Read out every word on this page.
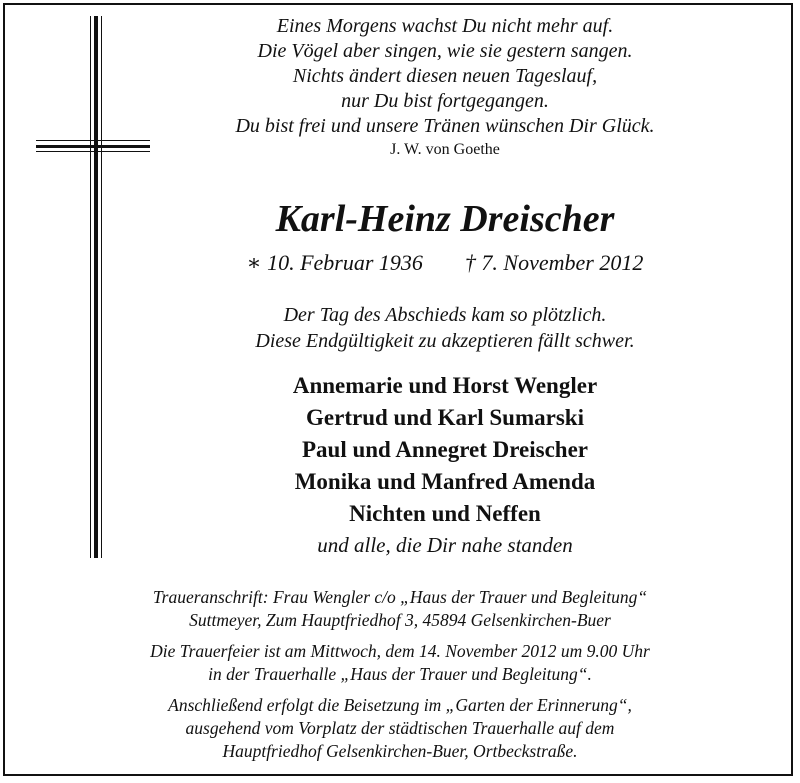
Eines Morgens wachst Du nicht mehr auf.
Die Vögel aber singen, wie sie gestern sangen.
Nichts ändert diesen neuen Tageslauf,
nur Du bist fortgegangen.
Du bist frei und unsere Tränen wünschen Dir Glück.
J. W. von Goethe
Karl-Heinz Dreischer
∗ 10. Februar 1936 † 7. November 2012
Der Tag des Abschieds kam so plötzlich.
Diese Endgültigkeit zu akzeptieren fällt schwer.
Annemarie und Horst Wengler
Gertrud und Karl Sumarski
Paul und Annegret Dreischer
Monika und Manfred Amenda
Nichten und Neffen
und alle, die Dir nahe standen
Traueranschrift: Frau Wengler c/o „Haus der Trauer und Begleitung“
Suttmeyer, Zum Hauptfriedhof 3, 45894 Gelsenkirchen-Buer
Die Trauerfeier ist am Mittwoch, dem 14. November 2012 um 9.00 Uhr
in der Trauerhalle „Haus der Trauer und Begleitung“.
Anschließend erfolgt die Beisetzung im „Garten der Erinnerung“,
ausgehend vom Vorplatz der städtischen Trauerhalle auf dem
Hauptfriedhof Gelsenkirchen-Buer, Ortbeckstraße.
